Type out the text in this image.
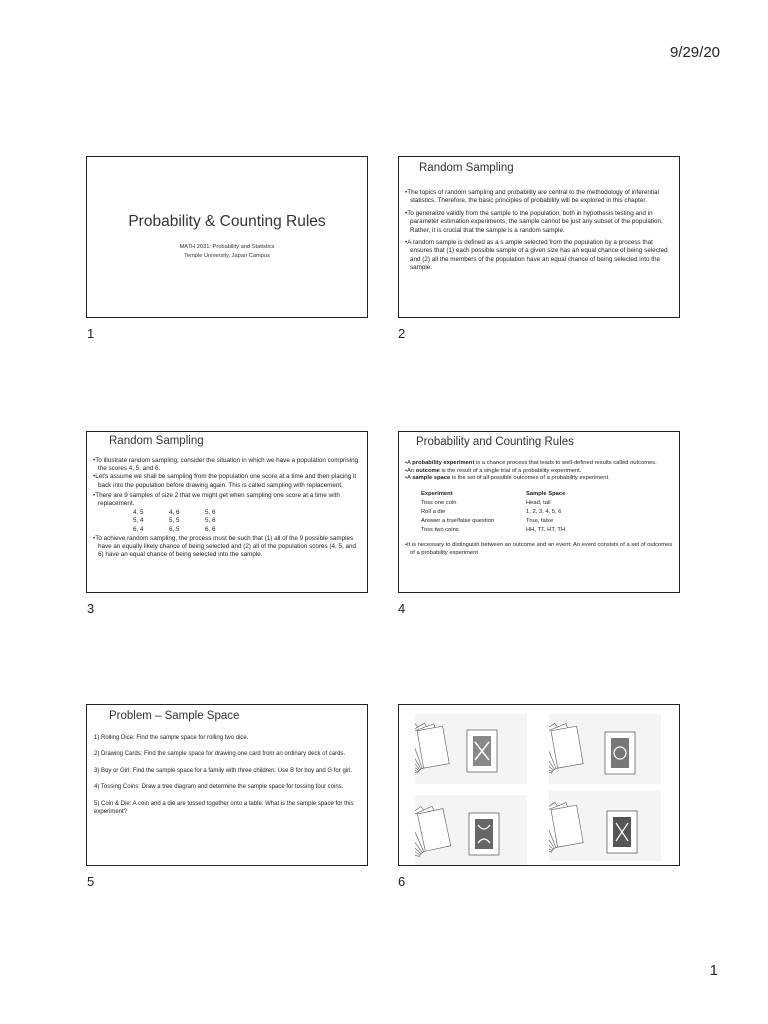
9/29/20
Probability & Counting Rules
MATH 2031: Probability and Statistics
Temple University, Japan Campus
1
Random Sampling

• The topics of random sampling and probability are central to the methodology of inferential statistics. Therefore, the basic principles of probability will be explored in this chapter.

• To generalize validly from the sample to the population, both in hypothesis testing and in parameter estimation experiments, the sample cannot be just any subset of the population. Rather, it is crucial that the sample is a random sample.

• A random sample is defined as a s ample selected from the population by a process that ensures that (1) each possible sample of a given size has an equal chance of being selected and (2) all the members of the population have an equal chance of being selected into the sample.

2
Random Sampling

• To illustrate random sampling, consider the situation in which we have a population comprising the scores 4, 5, and 6.

• Let's assume we shall be sampling from the population one score at a time and then placing it back into the population before drawing again. This is called sampling with replacement.

• There are 9 samples of size 2 that we might get when sampling one score at a time with replacement.

4, 5	4, 6	5, 6
5, 4	5, 5	5, 6
6, 4	6, 5	6, 6

• To achieve random sampling, the process must be such that (1) all of the 9 possible samples have an equally likely chance of being selected and (2) all of the population scores (4, 5, and 6) have an equal chance of being selected into the sample.

3
Probability and Counting Rules

• A probability experiment is a chance process that leads to well-defined results called outcomes.

• An outcome is the result of a single trial of a probability experiment.

• A sample space is the set of all possible outcomes of a probability experiment.

Experiment	Sample Space
Toss one coin	Head, tail
Roll a die	1, 2, 3, 4, 5, 6
Answer a true/false question	True, false
Toss two coins	HH, TT, HT, TH

• It is necessary to distinguish between an outcome and an event: An event consists of a set of outcomes of a probability experiment

4
Problem – Sample Space

1) Rolling Dice: Find the sample space for rolling two dice.

2) Drawing Cards: Find the sample space for drawing one card from an ordinary deck of cards.

3) Boy or Girl: Find the sample space for a family with three children. Use B for boy and G for girl.

4) Tossing Coins: Draw a tree diagram and determine the sample space for tossing four coins.

5) Coin & Die: A coin and a die are tossed together onto a table. What is the sample space for this experiment?

5	6
1
